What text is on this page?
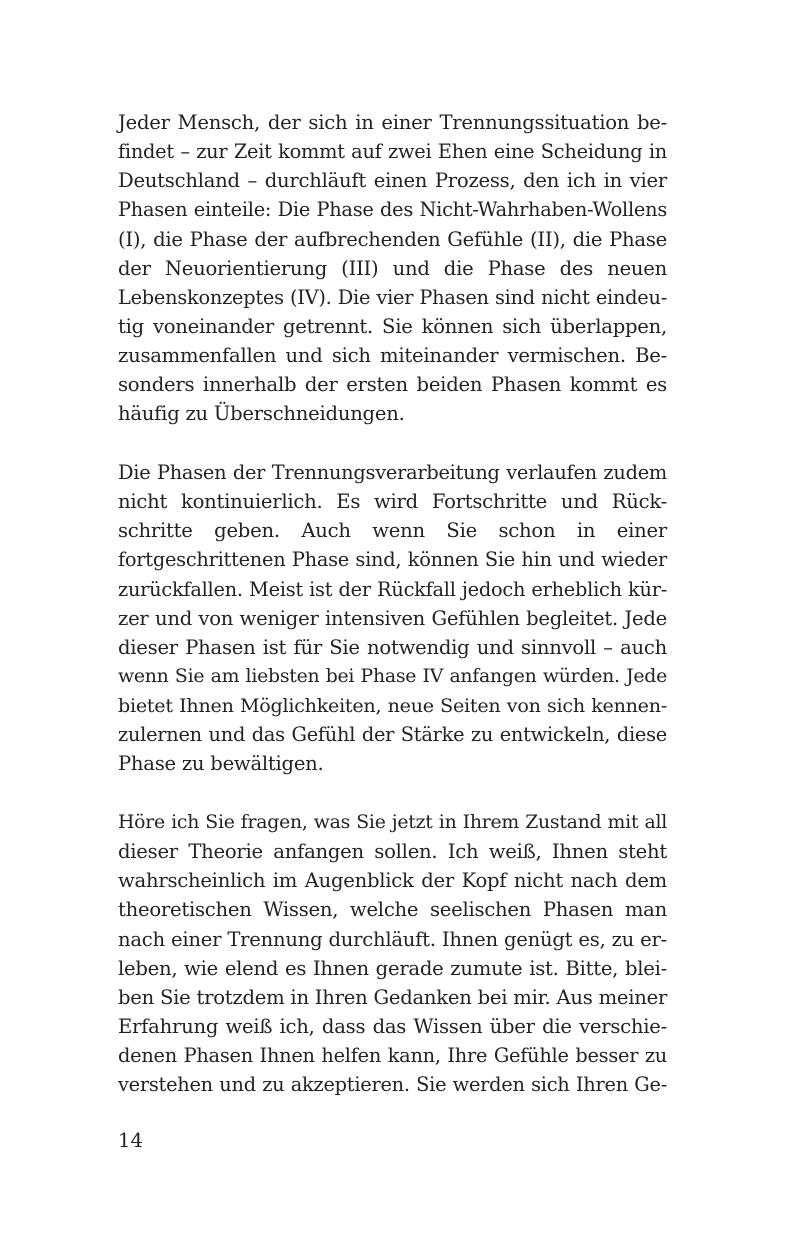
Jeder Mensch, der sich in einer Trennungssituation be-
findet – zur Zeit kommt auf zwei Ehen eine Scheidung in
Deutschland – durchläuft einen Prozess, den ich in vier
Phasen einteile: Die Phase des Nicht-Wahrhaben-Wollens
(I), die Phase der aufbrechenden Gefühle (II), die Phase
der Neuorientierung (III) und die Phase des neuen
Lebenskonzeptes (IV). Die vier Phasen sind nicht eindeu-
tig voneinander getrennt. Sie können sich überlappen,
zusammenfallen und sich miteinander vermischen. Be-
sonders innerhalb der ersten beiden Phasen kommt es
häufig zu Überschneidungen.
Die Phasen der Trennungsverarbeitung verlaufen zudem
nicht kontinuierlich. Es wird Fortschritte und Rück-
schritte geben. Auch wenn Sie schon in einer
fortgeschrittenen Phase sind, können Sie hin und wieder
zurückfallen. Meist ist der Rückfall jedoch erheblich kür-
zer und von weniger intensiven Gefühlen begleitet. Jede
dieser Phasen ist für Sie notwendig und sinnvoll – auch
wenn Sie am liebsten bei Phase IV anfangen würden. Jede
bietet Ihnen Möglichkeiten, neue Seiten von sich kennen-
zulernen und das Gefühl der Stärke zu entwickeln, diese
Phase zu bewältigen.
Höre ich Sie fragen, was Sie jetzt in Ihrem Zustand mit all
dieser Theorie anfangen sollen. Ich weiß, Ihnen steht
wahrscheinlich im Augenblick der Kopf nicht nach dem
theoretischen Wissen, welche seelischen Phasen man
nach einer Trennung durchläuft. Ihnen genügt es, zu er-
leben, wie elend es Ihnen gerade zumute ist. Bitte, blei-
ben Sie trotzdem in Ihren Gedanken bei mir. Aus meiner
Erfahrung weiß ich, dass das Wissen über die verschie-
denen Phasen Ihnen helfen kann, Ihre Gefühle besser zu
verstehen und zu akzeptieren. Sie werden sich Ihren Ge-
14
